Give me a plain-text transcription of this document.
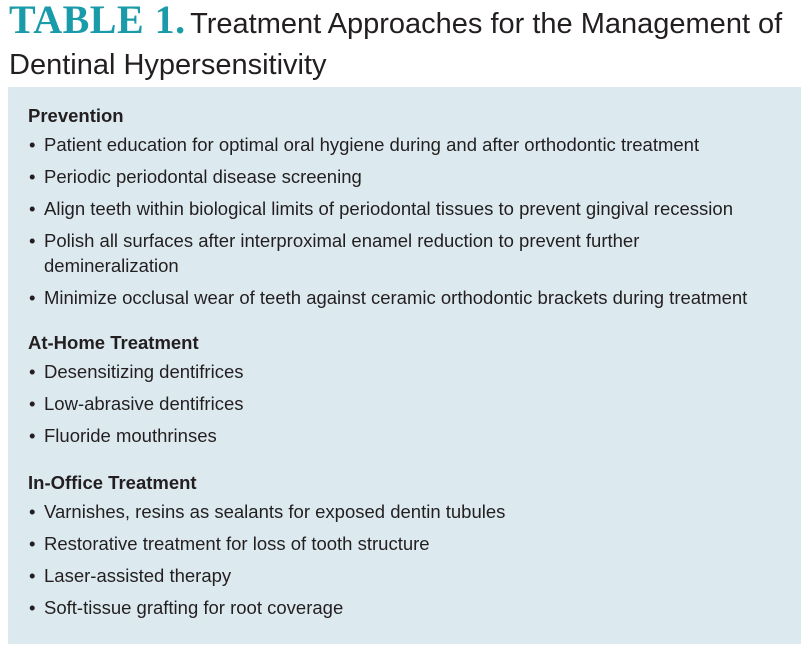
TABLE 1. Treatment Approaches for the Management of Dentinal Hypersensitivity
Prevention
• Patient education for optimal oral hygiene during and after orthodontic treatment
• Periodic periodontal disease screening
• Align teeth within biological limits of periodontal tissues to prevent gingival recession
• Polish all surfaces after interproximal enamel reduction to prevent further demineralization
• Minimize occlusal wear of teeth against ceramic orthodontic brackets during treatment
At-Home Treatment
• Desensitizing dentifrices
• Low-abrasive dentifrices
• Fluoride mouthrinses
In-Office Treatment
• Varnishes, resins as sealants for exposed dentin tubules
• Restorative treatment for loss of tooth structure
• Laser-assisted therapy
• Soft-tissue grafting for root coverage
